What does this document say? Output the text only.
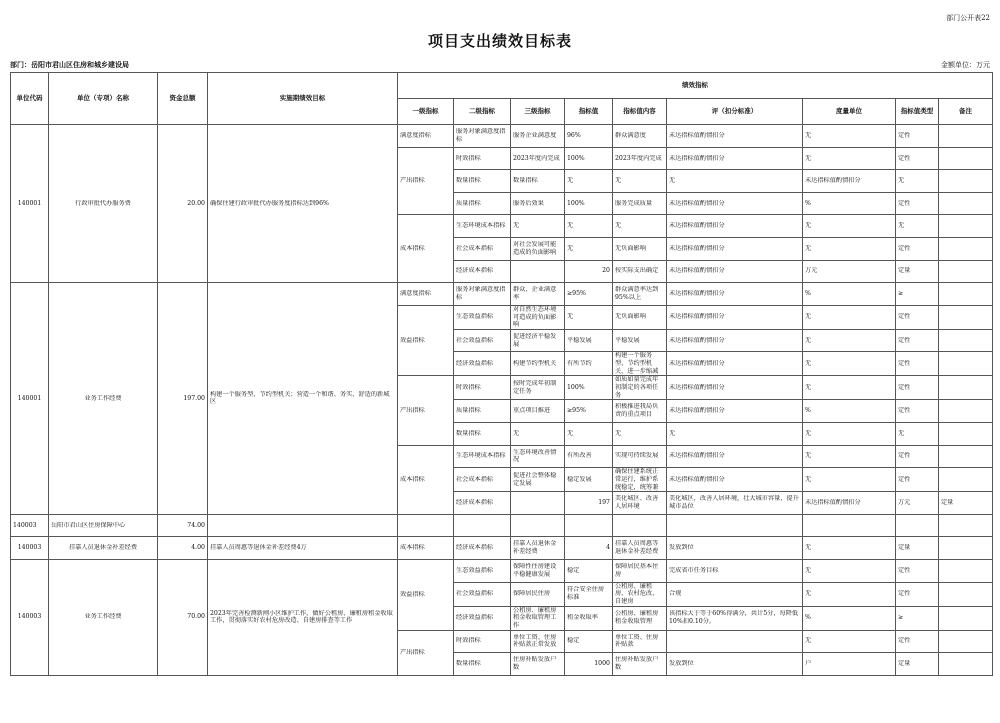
部门公开表22
项目支出绩效目标表
部门：岳阳市君山区住房和城乡建设局	金额单位：万元
单位代码	单位（专项）名称	资金总额	实施期绩效目标	绩效指标								
				一级指标	二级指标	三级指标	指标值	指标值内容	评（扣分标准）	度量单位	指标值类型	备注

140001	行政审批代办服务费	20.00	确保住建行政审批代办服务度指标达到96%	满意度指标	服务对象满意度指标	服务企业满意度	96%	群众满意度	未达指标值酌情扣分	无	定性	

				产出指标	时效指标	2023年度内完成	100%	2023年度内完成	未达指标值酌情扣分	无	定性	

					数量指标	数量指标	无	无	无	未达指标值酌情扣分	无	

					质量指标	服务后效果	100%	服务完成质量	未达指标值酌情扣分	%	定性	

				成本指标	生态环境成本指标	无	无	无	未达指标值酌情扣分	无	无	

					社会成本指标	对社会发展可能造成的负面影响	无	无负面影响	未达指标值酌情扣分	无	定性	

					经济成本指标		20	按实际支出确定	未达指标值酌情扣分	万元	定量	

140001	业务工作经费	197.00	构建一个服务型、节约型机关；营造一个和谐、务实、舒适的新城区	满意度指标	服务对象满意度指标	群众、企业满意率	≥95%	群众满意率达到95%以上	未达指标值酌情扣分	%	≥	

				效益指标	生态效益指标	对自然生态环境可造成的负面影响	无	无负面影响	未达指标值酌情扣分	无	定性	

					社会效益指标	促进经济平稳发展	平稳发展	平稳发展	未达指标值酌情扣分	无	定性	

					经济效益指标	构建节约型机关	有所节约	构建一个服务型、节约型机关，进一步缩减	未达指标值酌情扣分	无	定性	

				产出指标	时效指标	按时完成年初制定任务	100%	如质如量完成年初制定的各项任务	未达指标值酌情扣分	无	定性	

					质量指标	重点项目推进	≥95%	积极推进我局负责的重点项目	未达指标值酌情扣分	%	定性	

					数量指标	无	无	无	无	无	无	

				成本指标	生态环境成本指标	生态环境改善情况	有所改善	实现可持续发展	未达指标值酌情扣分	无	定性	

					社会成本指标	促进社会整体稳定发展	稳定发展	确保住建系统正常运行，维护系统稳定，统筹兼	未达指标值酌情扣分	无	定性	

					经济成本指标		197	美化城区、改善人居环境	美化城区，改善人居环境，壮大城市容量，提升城市品位	未达指标值酌情扣分	万元	定量

140003	岳阳市君山区住房保障中心	74.00										

140003	挂靠人员退休金补差经费	4.00	挂靠人员周惠等退休金补差经费4万	成本指标	经济成本指标	挂靠人员退休金补差经费	4	挂靠人员周惠等退休金补差经费	发放到位	无	定量	

140003	业务工作经费	70.00	2023年完善检测新闸小区维护工作，做好公租房、廉租房租金收取工作，贯彻落实好农村危房改造、自建房排查等工作	效益指标	生态效益指标	保障性住房建设平稳健康发展	稳定	保障居民基本住房	完成省市任务目标	无	定性	

					社会效益指标	保障居民住房	符合安全住房标准	公租房、廉租房、农村危改、自建房	合规	无	定性	

					经济效益指标	公租房、廉租房租金收取管理工作	租金收取率	公租房、廉租房租金收取管理	该指标大于等于60%得满分，共计5分，每降低10%扣0.10分。	%	≥	

				产出指标	时效指标	单位工资、住房补贴款正常发放	稳定	单位工资、住房补贴款		无	定性	

					数量指标	住房补贴发放户数	1000	住房补贴发放户数	发放到位	户	定量	
